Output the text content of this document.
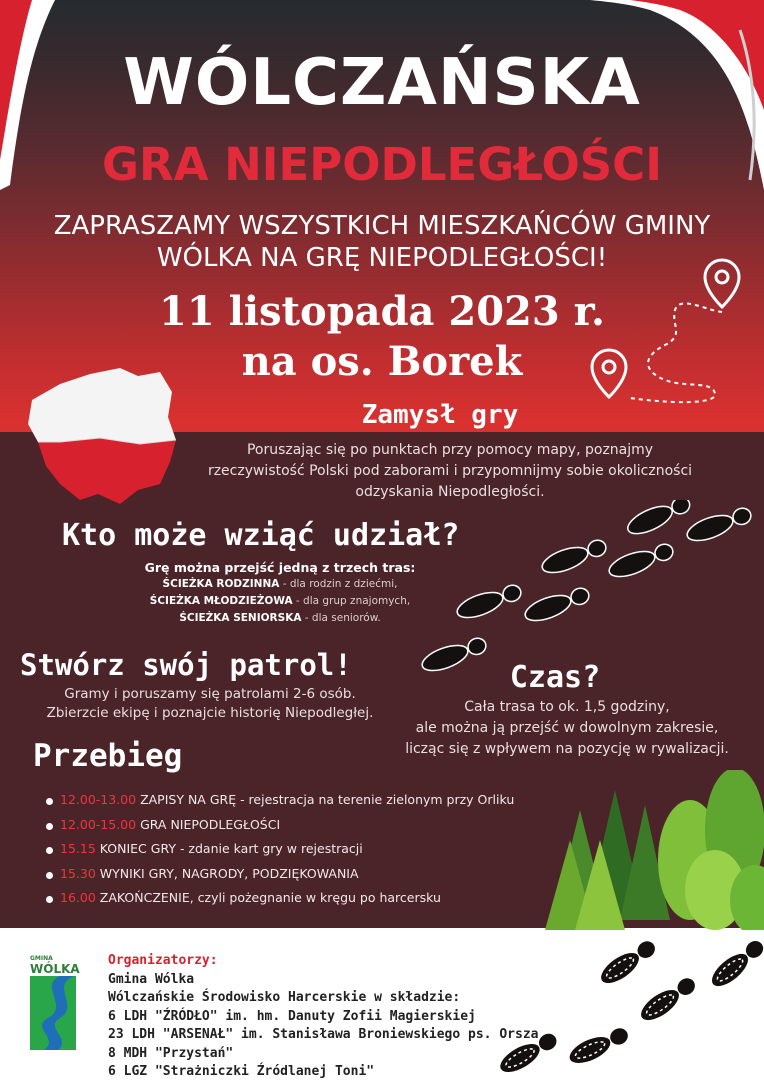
WÓLCZAŃSKA
GRA NIEPODLEGŁOŚCI
ZAPRASZAMY WSZYSTKICH MIESZKAŃCÓW GMINY
WÓLKA NA GRĘ NIEPODLEGŁOŚCI!
11 listopada 2023 r.
na os. Borek
Zamysł gry
Poruszając się po punktach przy pomocy mapy, poznajmy
rzeczywistość Polski pod zaborami i przypomnijmy sobie okoliczności
odzyskania Niepodległości.
Kto może wziąć udział?
Grę można przejść jedną z trzech tras:
ŚCIEŻKA RODZINNA - dla rodzin z dziećmi,
ŚCIEŻKA MŁODZIEŻOWA - dla grup znajomych,
ŚCIEŻKA SENIORSKA - dla seniorów.
Stwórz swój patrol!
Gramy i poruszamy się patrolami 2-6 osób.
Zbierzcie ekipę i poznajcie historię Niepodległej.
Czas?
Cała trasa to ok. 1,5 godziny,
ale można ją przejść w dowolnym zakresie,
licząc się z wpływem na pozycję w rywalizacji.
Przebieg
12.00-13.00 ZAPISY NA GRĘ - rejestracja na terenie zielonym przy Orliku
12.00-15.00 GRA NIEPODLEGŁOŚCI
15.15 KONIEC GRY - zdanie kart gry w rejestracji
15.30 WYNIKI GRY, NAGRODY, PODZIĘKOWANIA
16.00 ZAKOŃCZENIE, czyli pożegnanie w kręgu po harcersku
GMINA
WÓLKA
Organizatorzy:
Gmina Wólka
Wólczańskie Środowisko Harcerskie w składzie:
6 LDH "ŹRÓDŁO" im. hm. Danuty Zofii Magierskiej
23 LDH "ARSENAŁ" im. Stanisława Broniewskiego ps. Orsza
8 MDH "Przystań"
6 LGZ "Strażniczki Źródlanej Toni"
